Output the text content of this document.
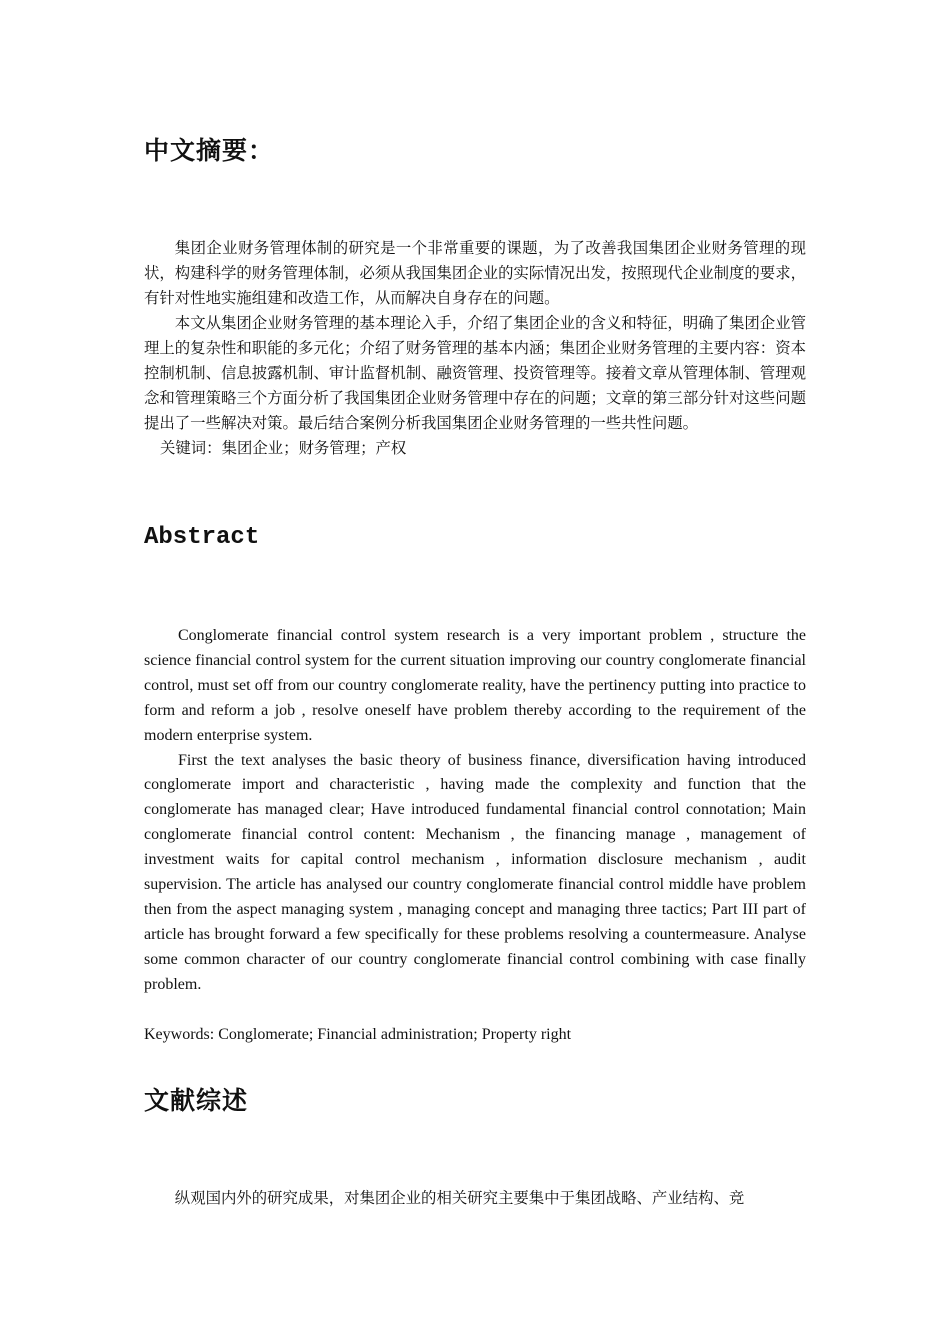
中文摘要：

集团企业财务管理体制的研究是一个非常重要的课题，为了改善我国集团企业财务管理的现状，构建科学的财务管理体制，必须从我国集团企业的实际情况出发，按照现代企业制度的要求，有针对性地实施组建和改造工作，从而解决自身存在的问题。

本文从集团企业财务管理的基本理论入手，介绍了集团企业的含义和特征，明确了集团企业管理上的复杂性和职能的多元化；介绍了财务管理的基本内涵；集团企业财务管理的主要内容：资本控制机制、信息披露机制、审计监督机制、融资管理、投资管理等。接着文章从管理体制、管理观念和管理策略三个方面分析了我国集团企业财务管理中存在的问题；文章的第三部分针对这些问题提出了一些解决对策。最后结合案例分析我国集团企业财务管理的一些共性问题。

关键词：集团企业；财务管理；产权

Abstract

Conglomerate financial control system research is a very important problem , structure the science financial control system for the current situation improving our country conglomerate financial control, must set off from our country conglomerate reality, have the pertinency putting into practice to form and reform a job , resolve oneself have problem thereby according to the requirement of the modern enterprise system.

First the text analyses the basic theory of business finance, diversification having introduced conglomerate import and characteristic , having made the complexity and function that the conglomerate has managed clear; Have introduced fundamental financial control connotation; Main conglomerate financial control content: Mechanism , the financing manage , management of investment waits for capital control mechanism , information disclosure mechanism , audit supervision. The article has analysed our country conglomerate financial control middle have problem then from the aspect managing system , managing concept and managing three tactics; Part III part of article has brought forward a few specifically for these problems resolving a countermeasure. Analyse some common character of our country conglomerate financial control combining with case finally problem.

Keywords: Conglomerate; Financial administration; Property right

文献综述

纵观国内外的研究成果，对集团企业的相关研究主要集中于集团战略、产业结构、竞
